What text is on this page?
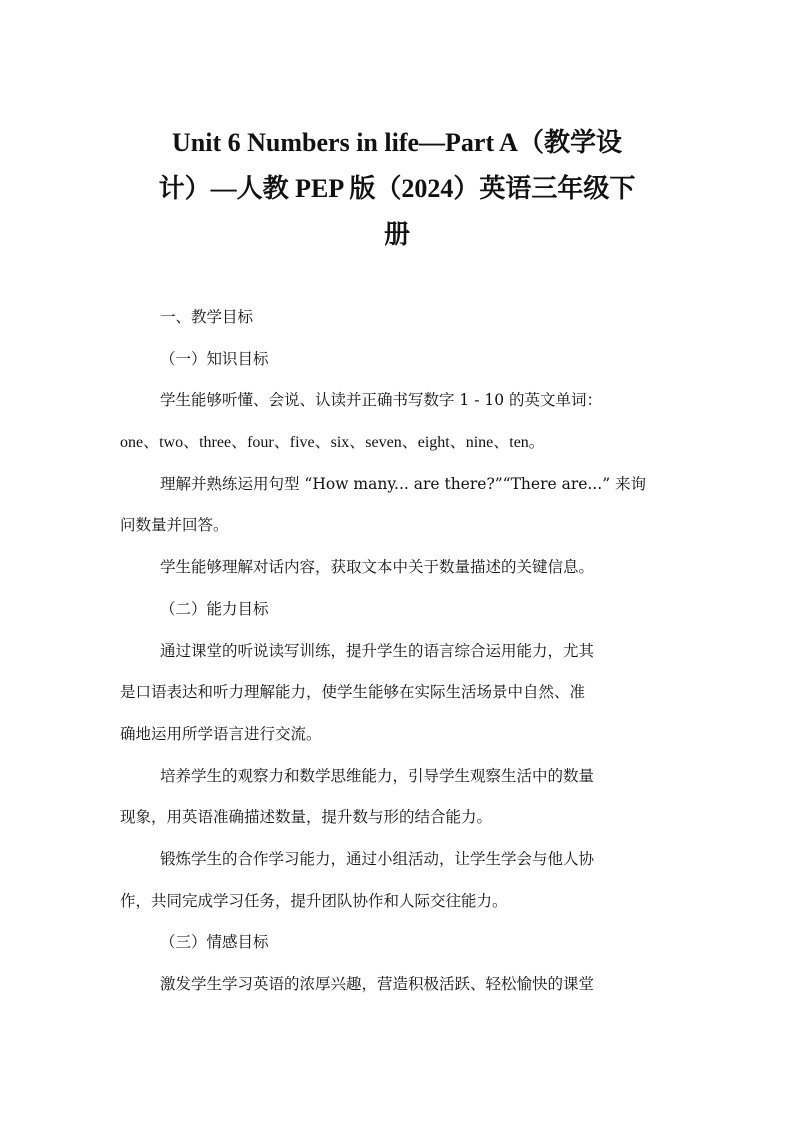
Unit 6 Numbers in life—Part A（教学设
计）—人教 PEP 版（2024）英语三年级下
册
一、教学目标
（一）知识目标
学生能够听懂、会说、认读并正确书写数字 1 - 10 的英文单词：
one、two、three、four、five、six、seven、eight、nine、ten。
理解并熟练运用句型 “How many... are there?”“There are...” 来询
问数量并回答。
学生能够理解对话内容，获取文本中关于数量描述的关键信息。
（二）能力目标
通过课堂的听说读写训练，提升学生的语言综合运用能力，尤其
是口语表达和听力理解能力，使学生能够在实际生活场景中自然、准
确地运用所学语言进行交流。
培养学生的观察力和数学思维能力，引导学生观察生活中的数量
现象，用英语准确描述数量，提升数与形的结合能力。
锻炼学生的合作学习能力，通过小组活动，让学生学会与他人协
作，共同完成学习任务，提升团队协作和人际交往能力。
（三）情感目标
激发学生学习英语的浓厚兴趣，营造积极活跃、轻松愉快的课堂
